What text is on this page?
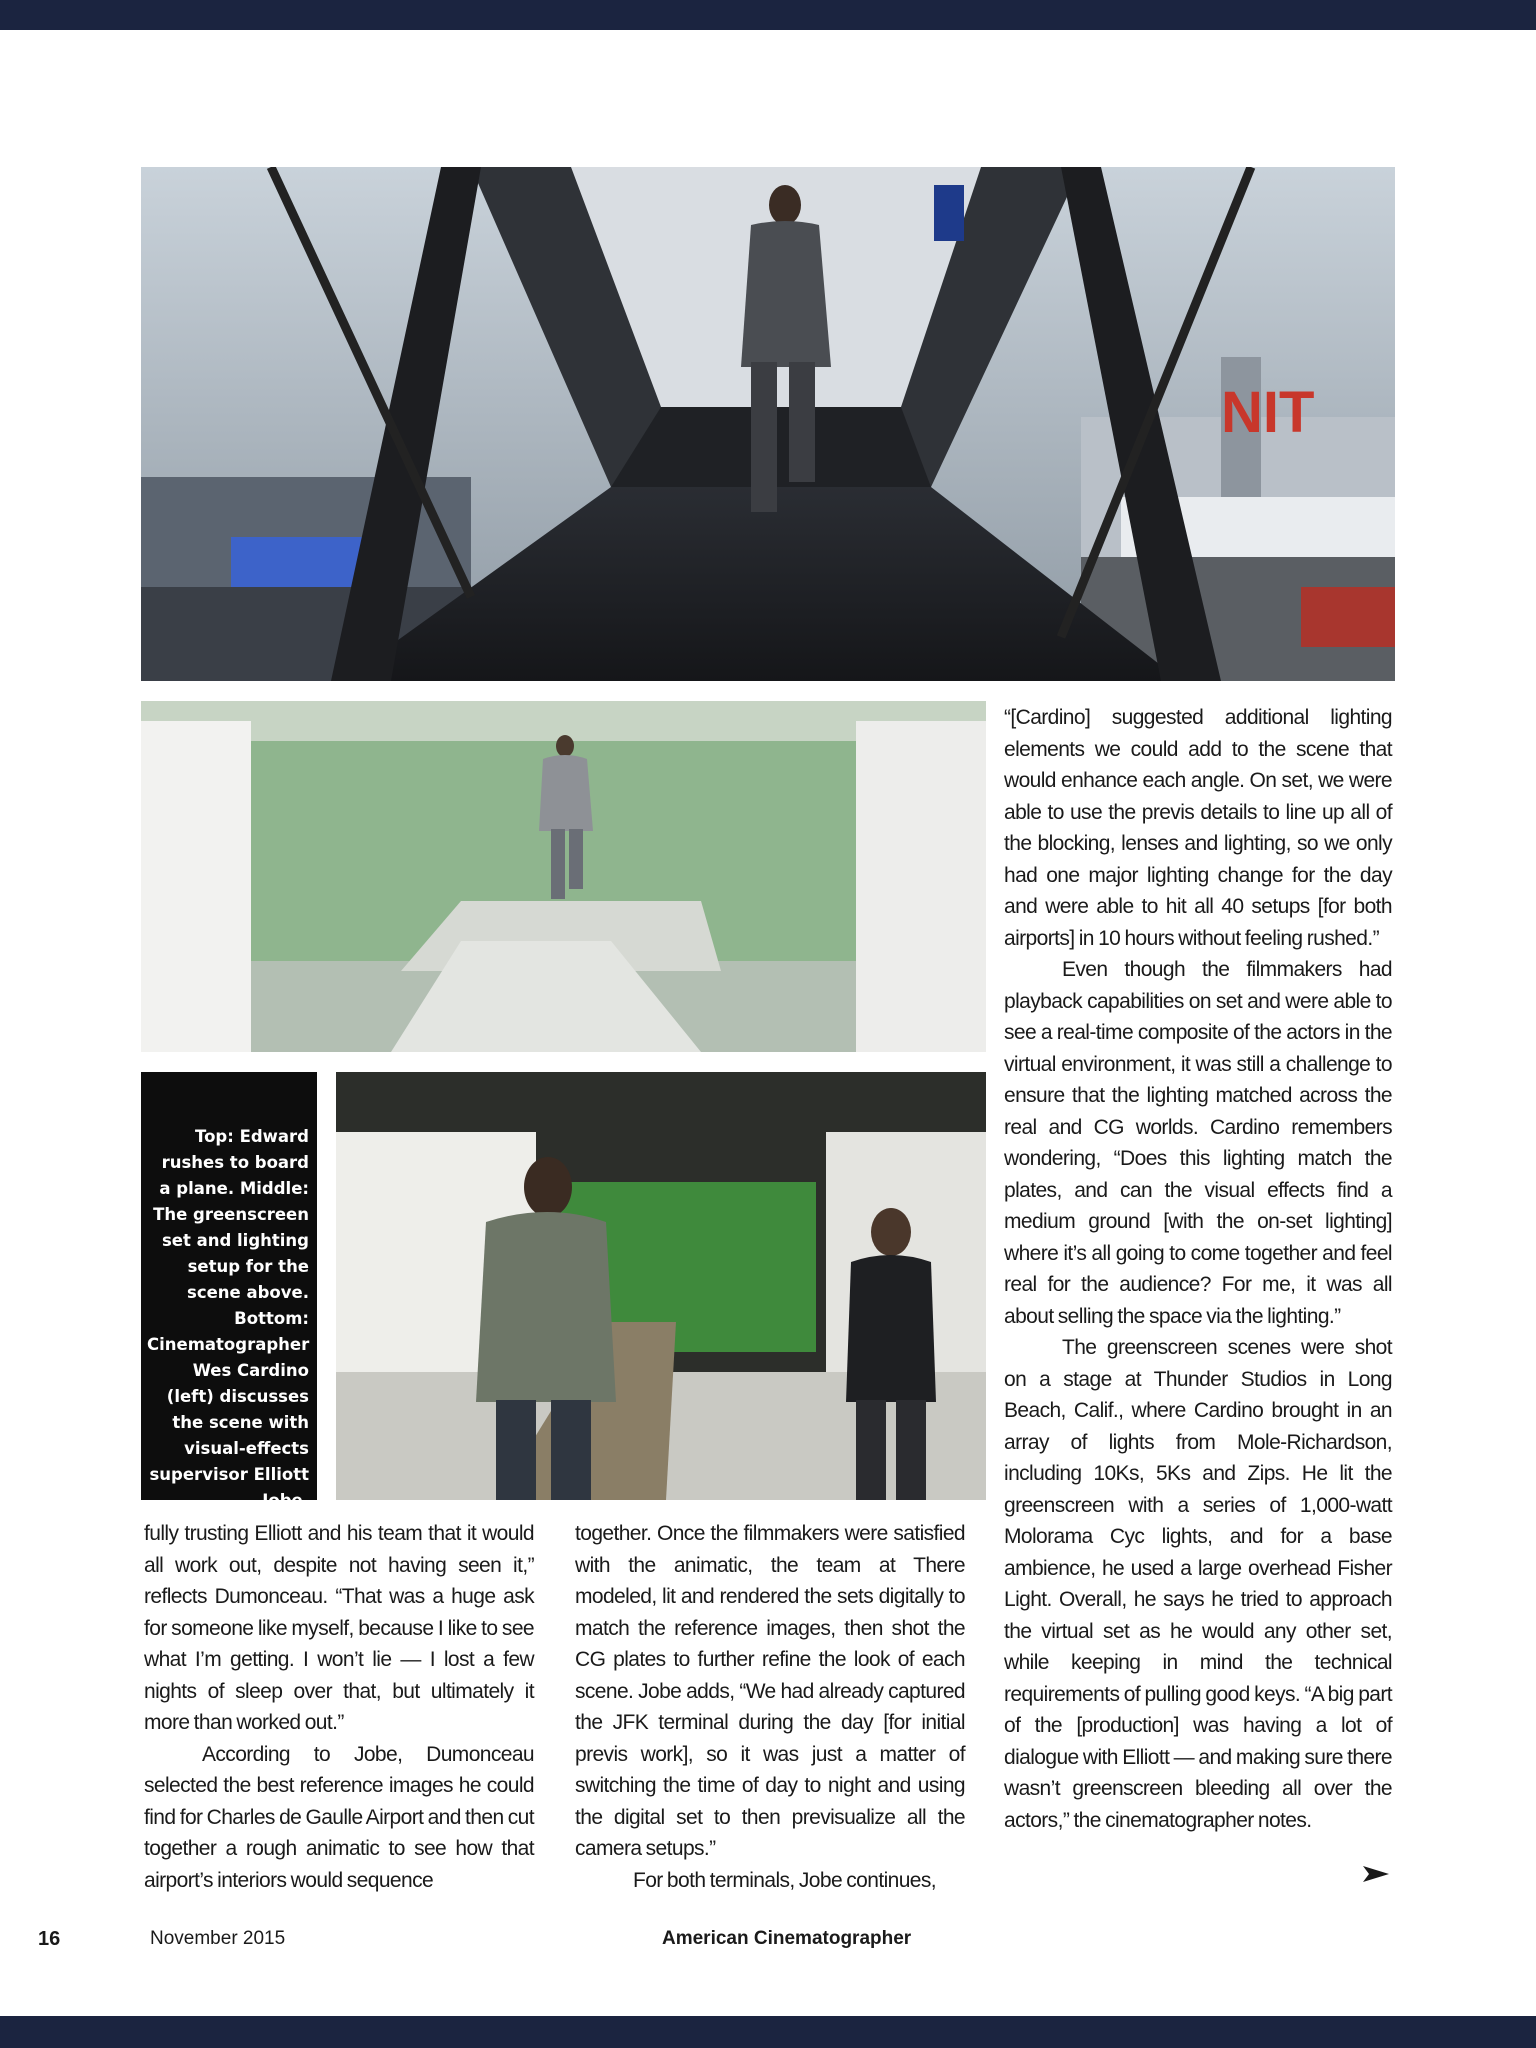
NIT
Top: Edward rushes to board a plane. Middle: The greenscreen set and lighting setup for the scene above. Bottom: Cinematographer Wes Cardino (left) discusses the scene with visual-effects supervisor Elliott Jobe.

fully trusting Elliott and his team that it would all work out, despite not having seen it,” reflects Dumonceau. “That was a huge ask for someone like myself, because I like to see what I’m getting. I won’t lie — I lost a few nights of sleep over that, but ultimately it more than worked out.”

According to Jobe, Dumonceau selected the best reference images he could find for Charles de Gaulle Airport and then cut together a rough animatic to see how that airport’s interiors would sequence

together. Once the filmmakers were satisfied with the animatic, the team at There modeled, lit and rendered the sets digitally to match the reference images, then shot the CG plates to further refine the look of each scene. Jobe adds, “We had already captured the JFK terminal during the day [for initial previs work], so it was just a matter of switching the time of day to night and using the digital set to then previsualize all the camera setups.”

For both terminals, Jobe continues,

“[Cardino] suggested additional lighting elements we could add to the scene that would enhance each angle. On set, we were able to use the previs details to line up all of the blocking, lenses and lighting, so we only had one major lighting change for the day and were able to hit all 40 setups [for both airports] in 10 hours without feeling rushed.”

Even though the filmmakers had playback capabilities on set and were able to see a real-time composite of the actors in the virtual environment, it was still a challenge to ensure that the lighting matched across the real and CG worlds. Cardino remembers wondering, “Does this lighting match the plates, and can the visual effects find a medium ground [with the on-set lighting] where it’s all going to come together and feel real for the audience? For me, it was all about selling the space via the lighting.”

The greenscreen scenes were shot on a stage at Thunder Studios in Long Beach, Calif., where Cardino brought in an array of lights from Mole-Richardson, including 10Ks, 5Ks and Zips. He lit the greenscreen with a series of 1,000-watt Molorama Cyc lights, and for a base ambience, he used a large overhead Fisher Light. Overall, he says he tried to approach the virtual set as he would any other set, while keeping in mind the technical requirements of pulling good keys. “A big part of the [production] was having a lot of dialogue with Elliott — and making sure there wasn’t greenscreen bleeding all over the actors,” the cinematographer notes.

16	November 2015	American Cinematographer
